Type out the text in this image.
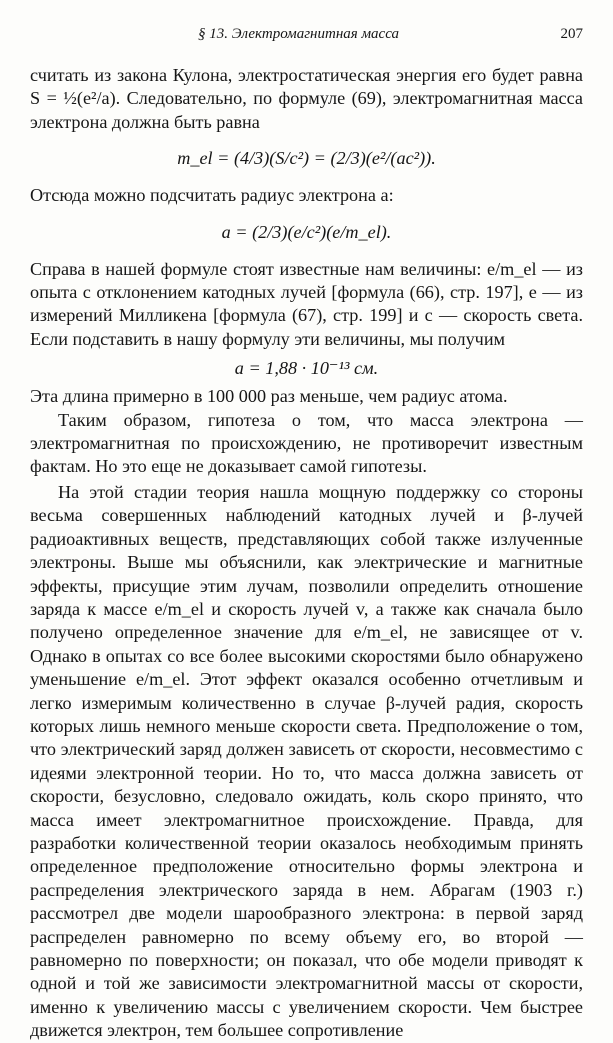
§ 13. Электромагнитная масса	207

считать из закона Кулона, электростатическая энергия его будет равна S = ½(e²/a). Следовательно, по формуле (69), электромагнитная масса электрона должна быть равна

m_el = (4/3)(S/c²) = (2/3)(e²/(ac²)).

Отсюда можно подсчитать радиус электрона a:

a = (2/3)(e/c²)(e/m_el).

Справа в нашей формуле стоят известные нам величины: e/m_el — из опыта с отклонением катодных лучей [формула (66), стр. 197], e — из измерений Милликена [формула (67), стр. 199] и c — скорость света. Если подставить в нашу формулу эти величины, мы получим

a = 1,88 · 10⁻¹³ см.

Эта длина примерно в 100 000 раз меньше, чем радиус атома.

Таким образом, гипотеза о том, что масса электрона — электромагнитная по происхождению, не противоречит известным фактам. Но это еще не доказывает самой гипотезы.

На этой стадии теория нашла мощную поддержку со стороны весьма совершенных наблюдений катодных лучей и β-лучей радиоактивных веществ, представляющих собой также излученные электроны. Выше мы объяснили, как электрические и магнитные эффекты, присущие этим лучам, позволили определить отношение заряда к массе e/m_el и скорость лучей v, а также как сначала было получено определенное значение для e/m_el, не зависящее от v. Однако в опытах со все более высокими скоростями было обнаружено уменьшение e/m_el. Этот эффект оказался особенно отчетливым и легко измеримым количественно в случае β-лучей радия, скорость которых лишь немного меньше скорости света. Предположение о том, что электрический заряд должен зависеть от скорости, несовместимо с идеями электронной теории. Но то, что масса должна зависеть от скорости, безусловно, следовало ожидать, коль скоро принято, что масса имеет электромагнитное происхождение. Правда, для разработки количественной теории оказалось необходимым принять определенное предположение относительно формы электрона и распределения электрического заряда в нем. Абрагам (1903 г.) рассмотрел две модели шарообразного электрона: в первой заряд распределен равномерно по всему объему его, во второй — равномерно по поверхности; он показал, что обе модели приводят к одной и той же зависимости электромагнитной массы от скорости, именно к увеличению массы с увеличением скорости. Чем быстрее движется электрон, тем большее сопротивление
